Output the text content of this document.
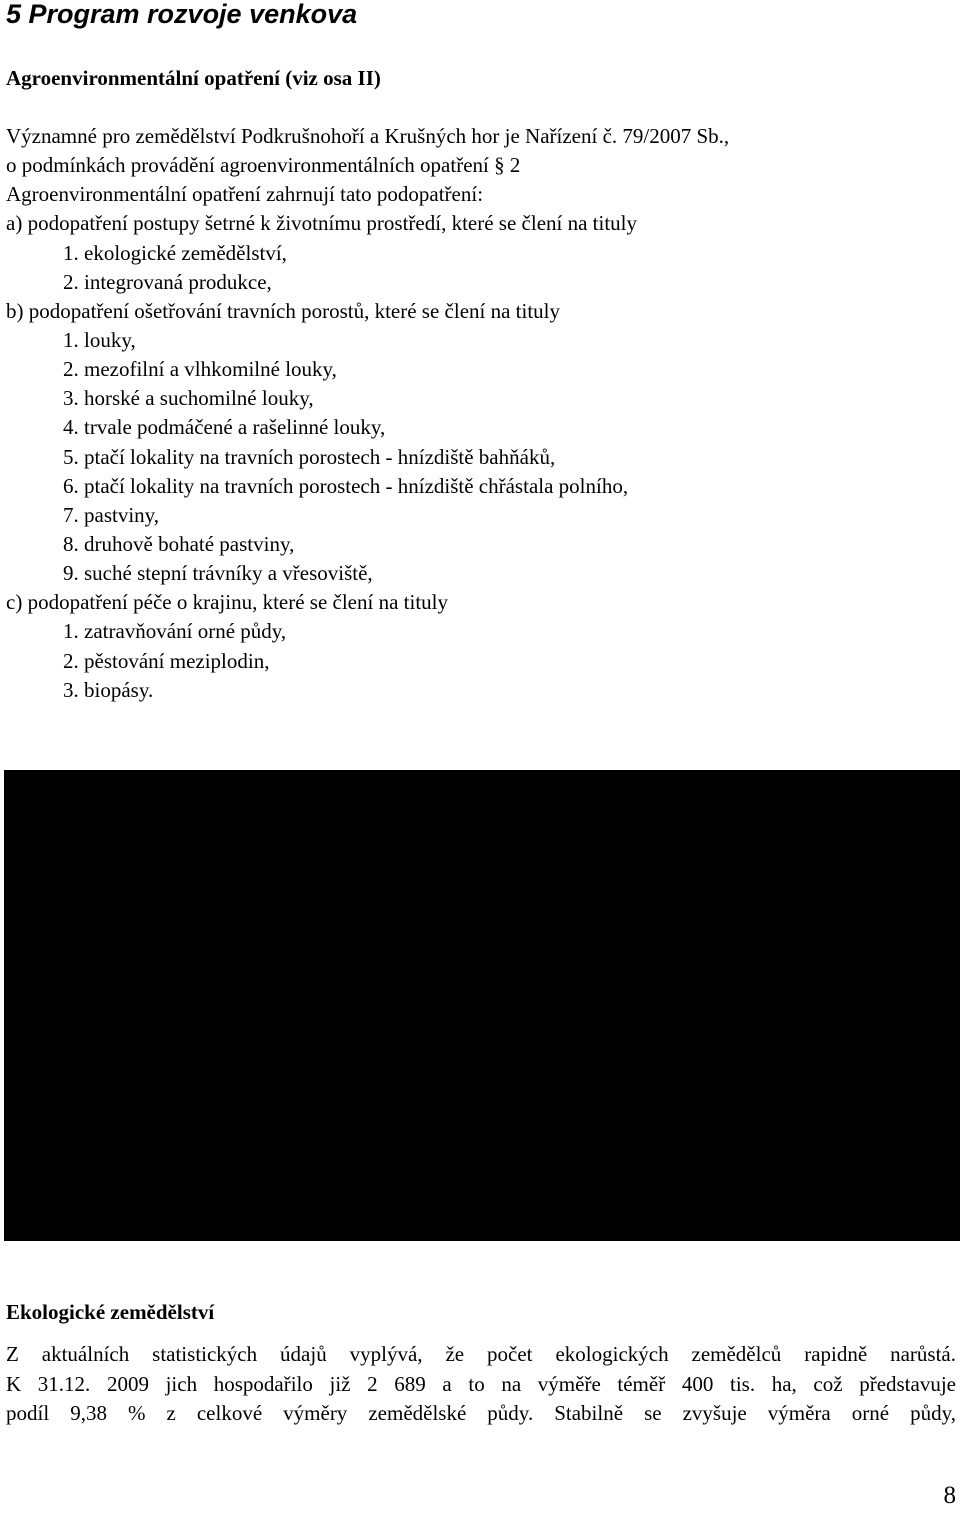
5 Program rozvoje venkova
Agroenvironmentální opatření (viz osa II)
Významné pro zemědělství Podkrušnohoří a Krušných hor je Nařízení č. 79/2007 Sb.,
o podmínkách provádění agroenvironmentálních opatření § 2
Agroenvironmentální opatření zahrnují tato podopatření:
a) podopatření postupy šetrné k životnímu prostředí, které se člení na tituly
1. ekologické zemědělství,
2. integrovaná produkce,
b) podopatření ošetřování travních porostů, které se člení na tituly
1. louky,
2. mezofilní a vlhkomilné louky,
3. horské a suchomilné louky,
4. trvale podmáčené a rašelinné louky,
5. ptačí lokality na travních porostech - hnízdiště bahňáků,
6. ptačí lokality na travních porostech - hnízdiště chřástala polního,
7. pastviny,
8. druhově bohaté pastviny,
9. suché stepní trávníky a vřesoviště,
c) podopatření péče o krajinu, které se člení na tituly
1. zatravňování orné půdy,
2. pěstování meziplodin,
3. biopásy.
Ekologické zemědělství
Z aktuálních statistických údajů vyplývá, že počet ekologických zemědělců rapidně narůstá.
K 31.12. 2009 jich hospodařilo již 2 689 a to na výměře téměř 400 tis. ha, což představuje
podíl 9,38 % z celkové výměry zemědělské půdy. Stabilně se zvyšuje výměra orné půdy,
8
